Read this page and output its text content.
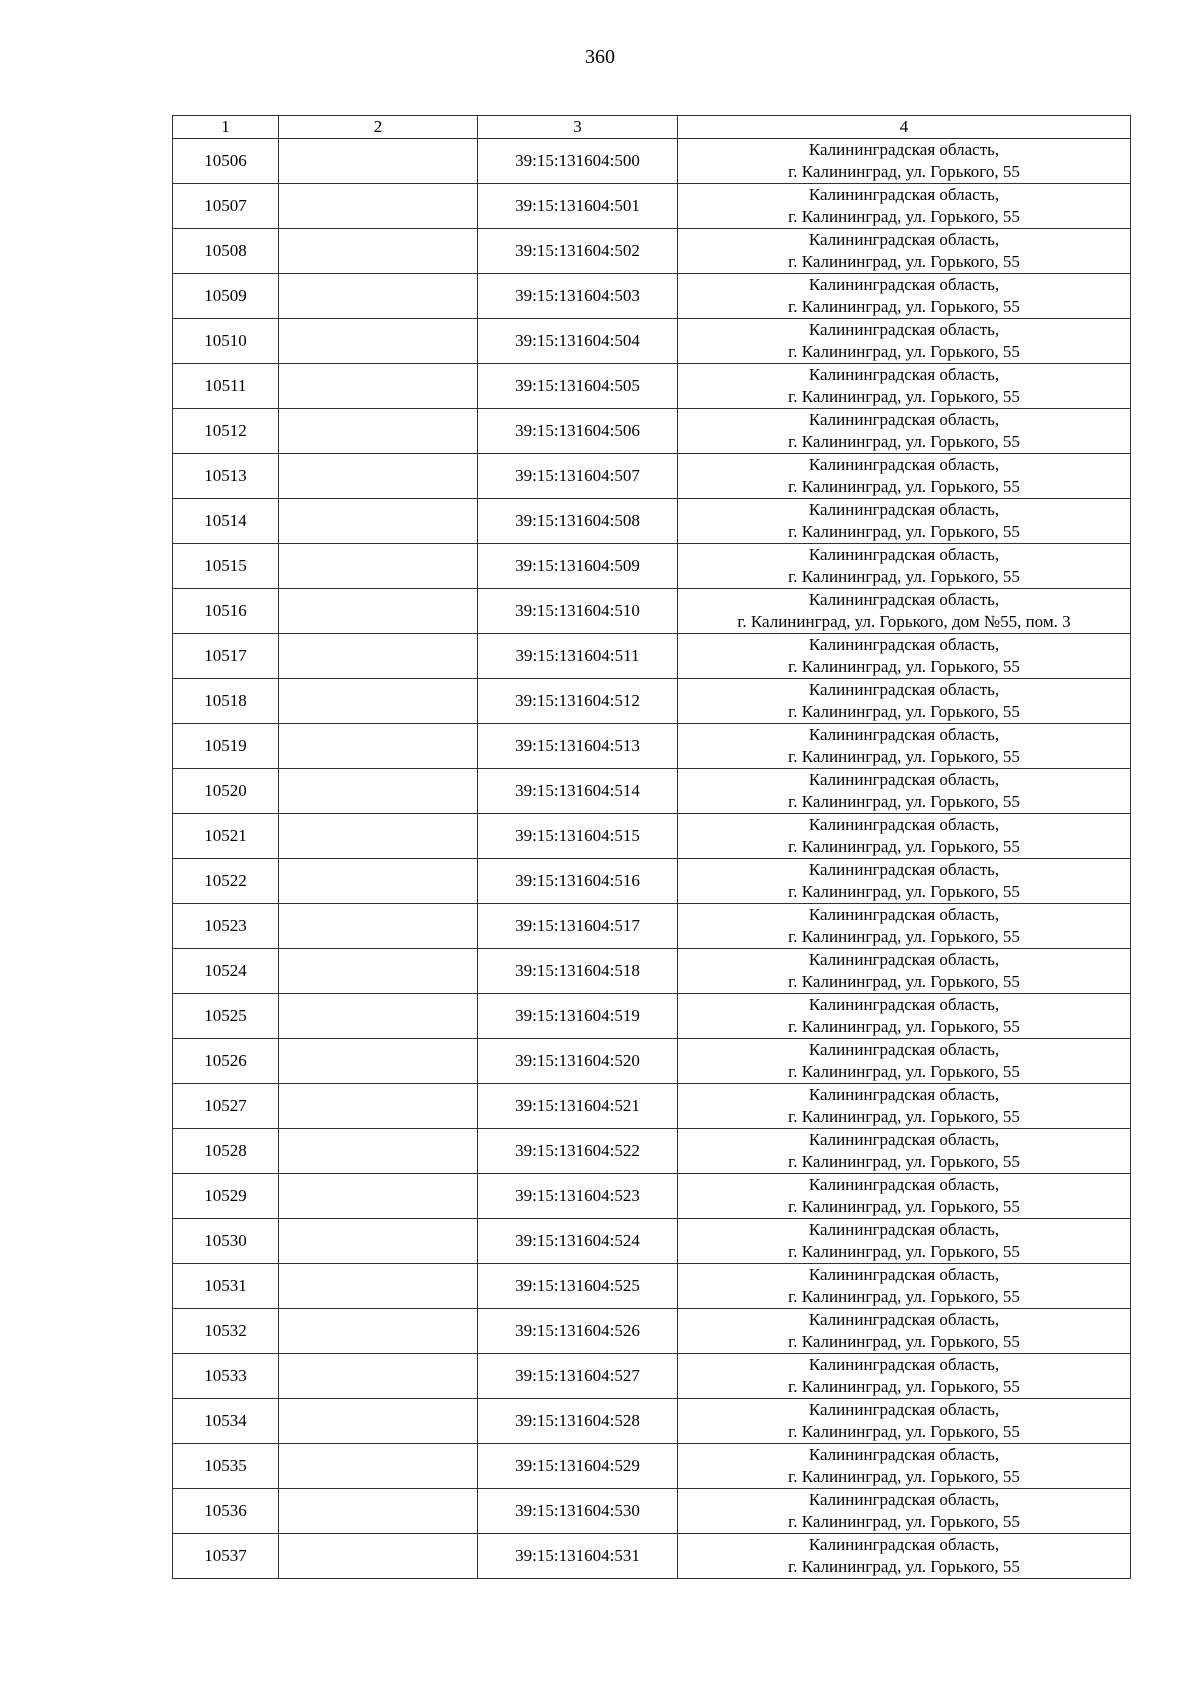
360
1	2	3	4
10506		39:15:131604:500	Калининградская область,
г. Калининград, ул. Горького, 55

10507		39:15:131604:501	Калининградская область,
г. Калининград, ул. Горького, 55

10508		39:15:131604:502	Калининградская область,
г. Калининград, ул. Горького, 55

10509		39:15:131604:503	Калининградская область,
г. Калининград, ул. Горького, 55

10510		39:15:131604:504	Калининградская область,
г. Калининград, ул. Горького, 55

10511		39:15:131604:505	Калининградская область,
г. Калининград, ул. Горького, 55

10512		39:15:131604:506	Калининградская область,
г. Калининград, ул. Горького, 55

10513		39:15:131604:507	Калининградская область,
г. Калининград, ул. Горького, 55

10514		39:15:131604:508	Калининградская область,
г. Калининград, ул. Горького, 55

10515		39:15:131604:509	Калининградская область,
г. Калининград, ул. Горького, 55

10516		39:15:131604:510	Калининградская область,
г. Калининград, ул. Горького, дом №55, пом. 3

10517		39:15:131604:511	Калининградская область,
г. Калининград, ул. Горького, 55

10518		39:15:131604:512	Калининградская область,
г. Калининград, ул. Горького, 55

10519		39:15:131604:513	Калининградская область,
г. Калининград, ул. Горького, 55

10520		39:15:131604:514	Калининградская область,
г. Калининград, ул. Горького, 55

10521		39:15:131604:515	Калининградская область,
г. Калининград, ул. Горького, 55

10522		39:15:131604:516	Калининградская область,
г. Калининград, ул. Горького, 55

10523		39:15:131604:517	Калининградская область,
г. Калининград, ул. Горького, 55

10524		39:15:131604:518	Калининградская область,
г. Калининград, ул. Горького, 55

10525		39:15:131604:519	Калининградская область,
г. Калининград, ул. Горького, 55

10526		39:15:131604:520	Калининградская область,
г. Калининград, ул. Горького, 55

10527		39:15:131604:521	Калининградская область,
г. Калининград, ул. Горького, 55

10528		39:15:131604:522	Калининградская область,
г. Калининград, ул. Горького, 55

10529		39:15:131604:523	Калининградская область,
г. Калининград, ул. Горького, 55

10530		39:15:131604:524	Калининградская область,
г. Калининград, ул. Горького, 55

10531		39:15:131604:525	Калининградская область,
г. Калининград, ул. Горького, 55

10532		39:15:131604:526	Калининградская область,
г. Калининград, ул. Горького, 55

10533		39:15:131604:527	Калининградская область,
г. Калининград, ул. Горького, 55

10534		39:15:131604:528	Калининградская область,
г. Калининград, ул. Горького, 55

10535		39:15:131604:529	Калининградская область,
г. Калининград, ул. Горького, 55

10536		39:15:131604:530	Калининградская область,
г. Калининград, ул. Горького, 55

10537		39:15:131604:531	Калининградская область,
г. Калининград, ул. Горького, 55
